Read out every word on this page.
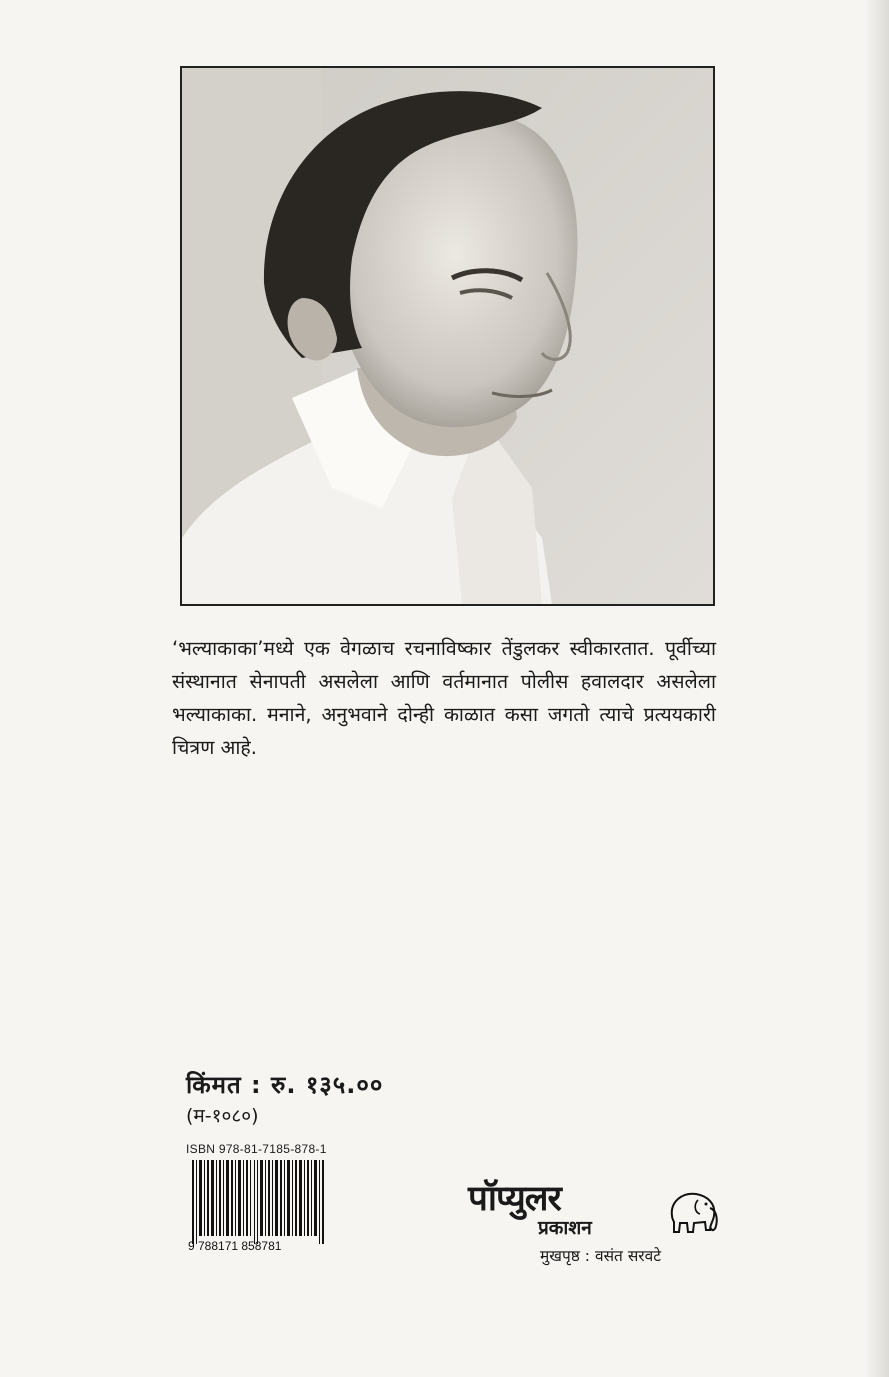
‘भल्याकाका’मध्ये एक वेगळाच रचनाविष्कार तेंडुलकर स्वीकारतात. पूर्वीच्या संस्थानात सेनापती असलेला आणि वर्तमानात पोलीस हवालदार असलेला भल्याकाका. मनाने, अनुभवाने दोन्ही काळात कसा जगतो त्याचे प्रत्ययकारी चित्रण आहे.

किंमत : रु. १३५.००

(म-१०८०)

ISBN 978-81-7185-878-1

9 788171 858781

पॉप्युलर

प्रकाशन

मुखपृष्ठ : वसंत सरवटे
